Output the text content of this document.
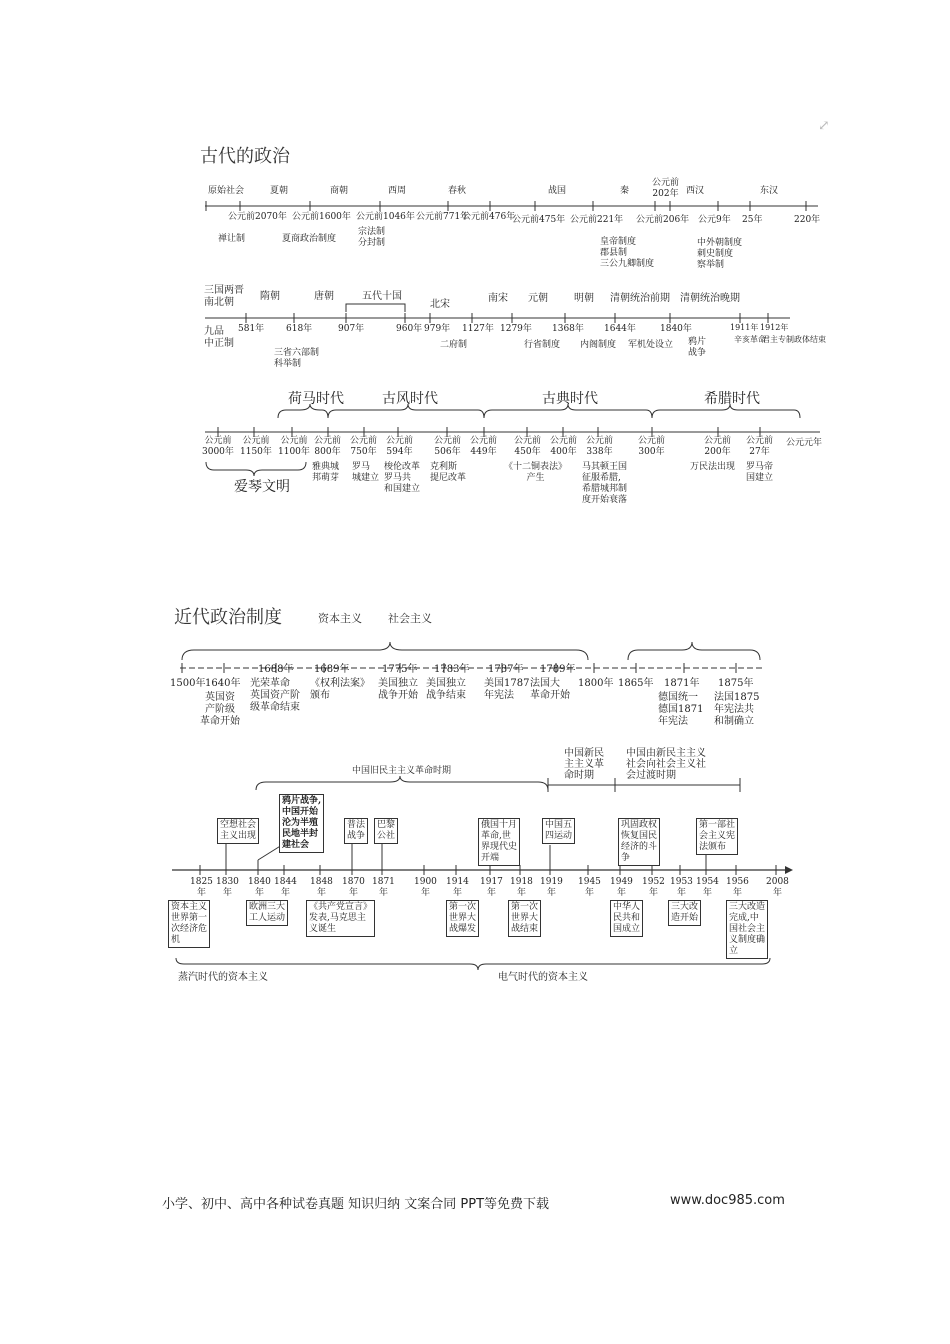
⤢
古代的政治
原始社会	夏朝	商朝	西周	春秋	战国	秦
公元前
202年 西汉	东汉
公元前2070年 公元前1600年 公元前1046年 公元前771年
公元前476年
公元前475年 公元前221年 公元前206年 公元9年 25年	220年
禅让制	夏商政治制度
宗法制
分封制	皇帝制度
郡县制
三公九卿制度
中外朝制度
刺史制度
察举制
三国两晋
南北朝
隋朝	唐朝	五代十国
北宋
南宋 元朝	明朝 清朝统治前期 清朝统治晚期
581年 618年	907年	960年 979年 1127年 1279年 1368年 1644年	1840年	1911年 1912年
九品
中正制
三省六部制
科举制
二府制	行省制度 内阁制度 军机处设立 鸦片
战争
辛亥革命
君主专制政体结束
荷马时代	古风时代	古典时代	希腊时代
爱琴文明
公元前
3000年
公元前
1150年
公元前
1100年
公元前
800年
公元前
750年
公元前
594年
公元前
506年
公元前
449年
公元前
450年
公元前
400年
公元前
338年
公元前
300年
公元前
200年
公元前
27年
公元元年
雅典城
邦萌芽
罗马
城建立
梭伦改革
罗马共
和国建立
克利斯
提尼改革
《十二铜表法》
产生
马其顿王国
征服希腊,
希腊城邦制
度开始衰落
万民法出现 罗马帝
国建立
近代政治制度	资本主义 社会主义
1500年 1640年
1688年 1689年	1775年 1783年 1787年 1789年
1800年 1865年 1871年 1875年
英国资
产阶级
革命开始
光荣革命
英国资产阶
级革命结束
《权利法案》
颁布
美国独立
战争开始
美国独立
战争结束
美国1787
年宪法
法国大
革命开始	德国统一
德国1871
年宪法
法国1875
年宪法共
和制确立
中国旧民主主义革命时期
中国新民
主主义革
命时期
中国由新民主主义
社会向社会主义社
会过渡时期
空想社会
主义出现
鸦片战争,
中国开始
沦为半殖
民地半封
建社会
普法
战争
巴黎
公社
俄国十月
革命,世
界现代史
开端
中国五
四运动
巩固政权
恢复国民
经济的斗
争
第一部社
会主义宪
法颁布
1825
年
1830
年
1840
年
1844
年
1848
年
1870
年
1871
年
1900
年
1914
年
1917
年
1918
年
1919
年
1945
年
1949
年
1952
年
1953
年
1954
年
1956
年
2008
年
资本主义
世界第一
次经济危
机
欧洲三大
工人运动
《共产党宣言》
发表,马克思主
义诞生
第一次
世界大
战爆发
第一次
世界大
战结束
中华人
民共和
国成立
三大改
造开始
三大改造
完成,中
国社会主
义制度确
立
蒸汽时代的资本主义	电气时代的资本主义
小学、初中、高中各种试卷真题 知识归纳 文案合同 PPT等免费下载	www.doc985.com
